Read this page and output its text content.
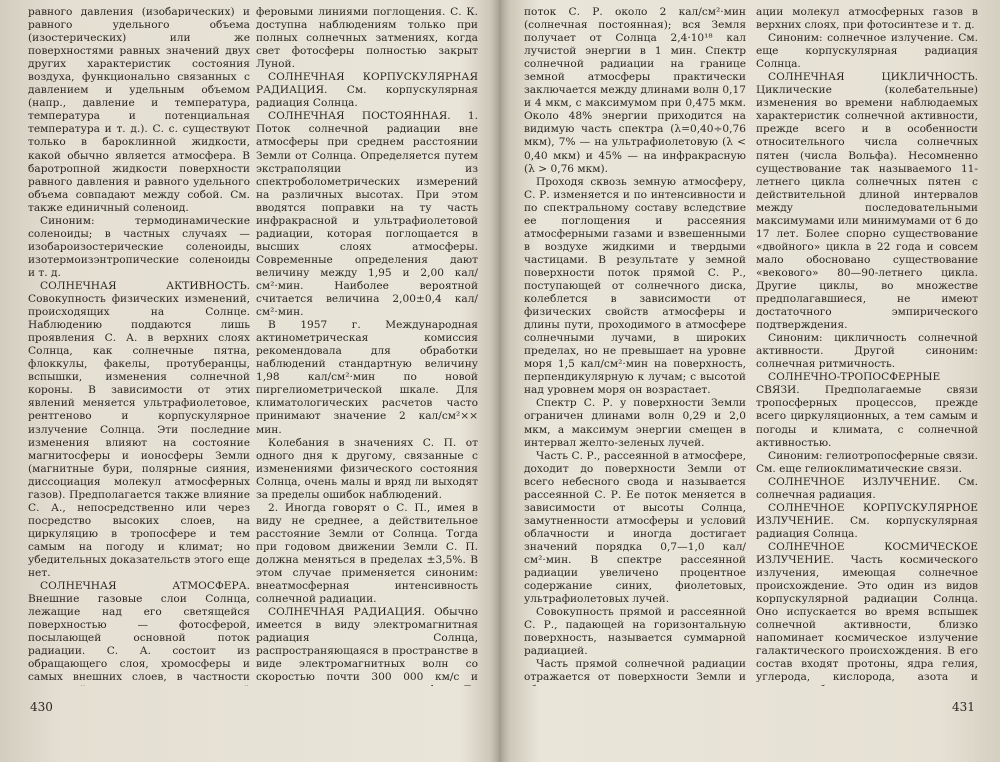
равного давления (изобарических) и равного удельного объема (изостерических) или же поверхностями равных значений двух других характеристик состояния воздуха, функционально связанных с давлением и удельным объемом (напр., давление и температура, температура и потенциальная температура и т. д.). С. с. существуют только в бароклинной жидкости, какой обычно является атмосфера. В баротропной жидкости поверхности равного давления и равного удельного объема совпадают между собой. См. также единичный соленоид.

Синоним: термодинамические соленоиды; в частных случаях — изобароизостерические соленоиды, изотермоизэнтропические соленоиды и т. д.

СОЛНЕЧНАЯ АКТИВНОСТЬ. Совокупность физических изменений, происходящих на Солнце. Наблюдению поддаются лишь проявления С. А. в верхних слоях Солнца, как солнечные пятна, флоккулы, факелы, протуберанцы, вспышки, изменения солнечной короны. В зависимости от этих явлений меняется ультрафиолетовое, рентгеново и корпускулярное излучение Солнца. Эти последние изменения влияют на состояние магнитосферы и ионосферы Земли (магнитные бури, полярные сияния, диссоциация молекул атмосферных газов). Предполагается также влияние С. А., непосредственно или через посредство высоких слоев, на циркуляцию в тропосфере и тем самым на погоду и климат; но убедительных доказательств этого еще нет.

СОЛНЕЧНАЯ АТМОСФЕРА. Внешние газовые слои Солнца, лежащие над его светящейся поверхностью — фотосферой, посылающей основной поток радиации. С. А. состоит из обращающего слоя, хромосферы и самых внешних слоев, в частности

феровыми линиями поглощения. С. К. доступна наблюдениям только при полных солнечных затмениях, когда свет фотосферы полностью закрыт Луной.

СОЛНЕЧНАЯ КОРПУСКУЛЯРНАЯ РАДИАЦИЯ. См. корпускулярная радиация Солнца.

СОЛНЕЧНАЯ ПОСТОЯННАЯ. 1. Поток солнечной радиации вне атмосферы при среднем расстоянии Земли от Солнца. Определяется путем экстраполяции из спектроболометрических измерений на различных высотах. При этом вводятся поправки на ту часть инфракрасной и ультрафиолетовой радиации, которая поглощается в высших слоях атмосферы. Современные определения дают величину между 1,95 и 2,00 кал/см²·мин. Наиболее вероятной считается величина 2,00±0,4 кал/см²·мин.

В 1957 г. Международная актинометрическая комиссия рекомендовала для обработки наблюдений стандартную величину 1,98 кал/см²·мин по новой пиргелиометрической шкале. Для климатологических расчетов часто принимают значение 2 кал/см²×× мин.

Колебания в значениях С. П. от одного дня к другому, связанные с изменениями физического состояния Солнца, очень малы и вряд ли выходят за пределы ошибок наблюдений.

2. Иногда говорят о С. П., имея в виду не среднее, а действительное расстояние Земли от Солнца. Тогда при годовом движении Земли С. П. должна меняться в пределах ±3,5%. В этом случае применяется синоним: внеатмосферная интенсивность солнечной радиации.

СОЛНЕЧНАЯ РАДИАЦИЯ. Обычно имеется в виду электромагнитная радиация Солнца, распространяющаяся в пространстве в виде электромагнитных волн со скоростью почти 300 000 км/с и

430

поток С. Р. около 2 кал/см²·мин (солнечная постоянная); вся Земля получает от Солнца 2,4·10¹⁸ кал лучистой энергии в 1 мин. Спектр солнечной радиации на границе земной атмосферы практически заключается между длинами волн 0,17 и 4 мкм, с максимумом при 0,475 мкм. Около 48% энергии приходится на видимую часть спектра (λ=0,40÷0,76 мкм), 7% — на ультрафиолетовую (λ < 0,40 мкм) и 45% — на инфракрасную (λ > 0,76 мкм).

Проходя сквозь земную атмосферу, С. Р. изменяется и по интенсивности и по спектральному составу вследствие ее поглощения и рассеяния атмосферными газами и взвешенными в воздухе жидкими и твердыми частицами. В результате у земной поверхности поток прямой С. Р., поступающей от солнечного диска, колеблется в зависимости от физических свойств атмосферы и длины пути, проходимого в атмосфере солнечными лучами, в широких пределах, но не превышает на уровне моря 1,5 кал/см²·мин на поверхность, перпендикулярную к лучам; с высотой над уровнем моря он возрастает.

Спектр С. Р. у поверхности Земли ограничен длинами волн 0,29 и 2,0 мкм, а максимум энергии смещен в интервал желто-зеленых лучей.

Часть С. Р., рассеянной в атмосфере, доходит до поверхности Земли от всего небесного свода и называется рассеянной С. Р. Ее поток меняется в зависимости от высоты Солнца, замутненности атмосферы и условий облачности и иногда достигает значений порядка 0,7—1,0 кал/см²·мин. В спектре рассеянной радиации увеличено процентное содержание синих, фиолетовых, ультрафиолетовых лучей.

Совокупность прямой и рассеянной С. Р., падающей на горизонтальную поверхность, называется суммарной радиацией.

Часть прямой солнечной радиации отражается от поверхности Земли и

ации молекул атмосферных газов в верхних слоях, при фотосинтезе и т. д.

Синоним: солнечное излучение. См. еще корпускулярная радиация Солнца.

СОЛНЕЧНАЯ ЦИКЛИЧНОСТЬ. Циклические (колебательные) изменения во времени наблюдаемых характеристик солнечной активности, прежде всего и в особенности относительного числа солнечных пятен (числа Вольфа). Несомненно существование так называемого 11-летнего цикла солнечных пятен с действительной длиной интервалов между последовательными максимумами или минимумами от 6 до 17 лет. Более спорно существование «двойного» цикла в 22 года и совсем мало обосновано существование «векового» 80—90-летнего цикла. Другие циклы, во множестве предполагавшиеся, не имеют достаточного эмпирического подтверждения.

Синоним: цикличность солнечной активности. Другой синоним: солнечная ритмичность.

СОЛНЕЧНО-ТРОПОСФЕРНЫЕ СВЯЗИ. Предполагаемые связи тропосферных процессов, прежде всего циркуляционных, а тем самым и погоды и климата, с солнечной активностью.

Синоним: гелиотропосферные связи. См. еще гелиоклиматические связи.

СОЛНЕЧНОЕ ИЗЛУЧЕНИЕ. См. солнечная радиация.

СОЛНЕЧНОЕ КОРПУСКУЛЯРНОЕ ИЗЛУЧЕНИЕ. См. корпускулярная радиация Солнца.

СОЛНЕЧНОЕ КОСМИЧЕСКОЕ ИЗЛУЧЕНИЕ. Часть космического излучения, имеющая солнечное происхождение. Это один из видов корпускулярной радиации Солнца. Оно испускается во время вспышек солнечной активности, близко напоминает космическое излучение галактического происхождения. В его состав входят протоны, ядра гелия, углерода, кислорода, азота и

431
